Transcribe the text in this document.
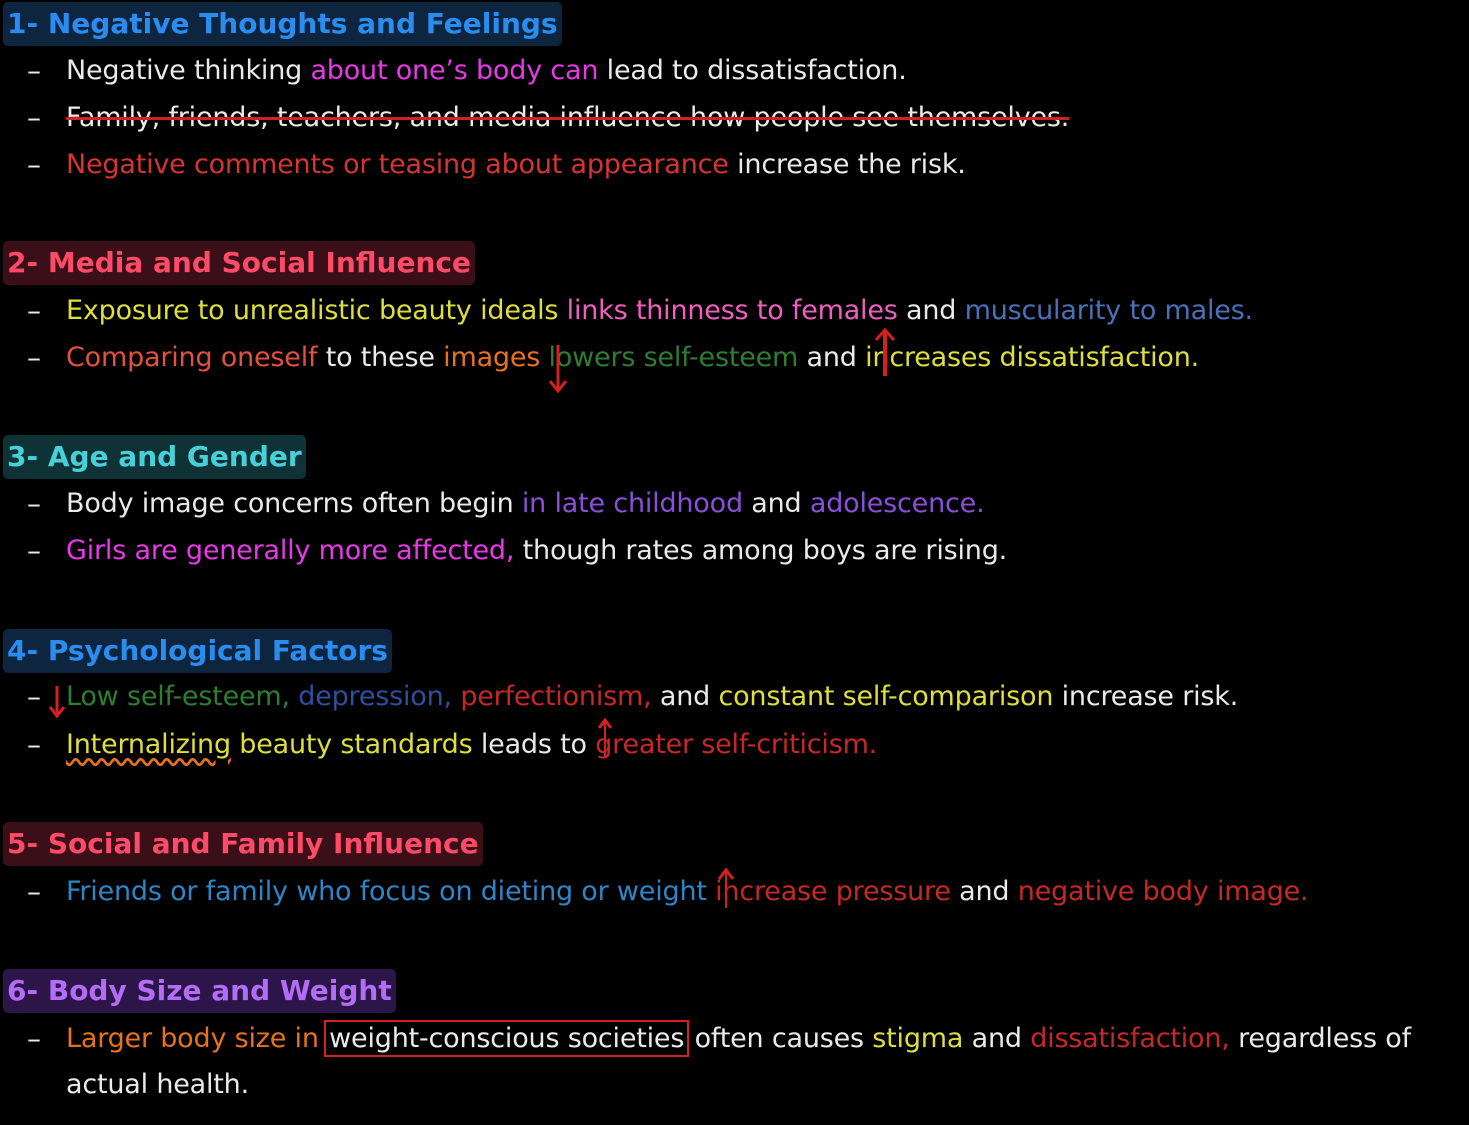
1- Negative Thoughts and Feelings
– Negative thinking about one’s body can lead to dissatisfaction.
– Family, friends, teachers, and media influence how people see themselves.
– Negative comments or teasing about appearance increase the risk.
2- Media and Social Influence
– Exposure to unrealistic beauty ideals links thinness to females and muscularity to males.
– Comparing oneself to these images lowers self-esteem and increases dissatisfaction.
3- Age and Gender
– Body image concerns often begin in late childhood and adolescence.
– Girls are generally more affected, though rates among boys are rising.
4- Psychological Factors
– Low self-esteem, depression, perfectionism, and constant self-comparison increase risk.
– Internalizing beauty standards leads to greater self-criticism.
5- Social and Family Influence
– Friends or family who focus on dieting or weight increase pressure and negative body image.
6- Body Size and Weight
– Larger body size in weight-conscious societies often causes stigma and dissatisfaction, regardless of actual health.
